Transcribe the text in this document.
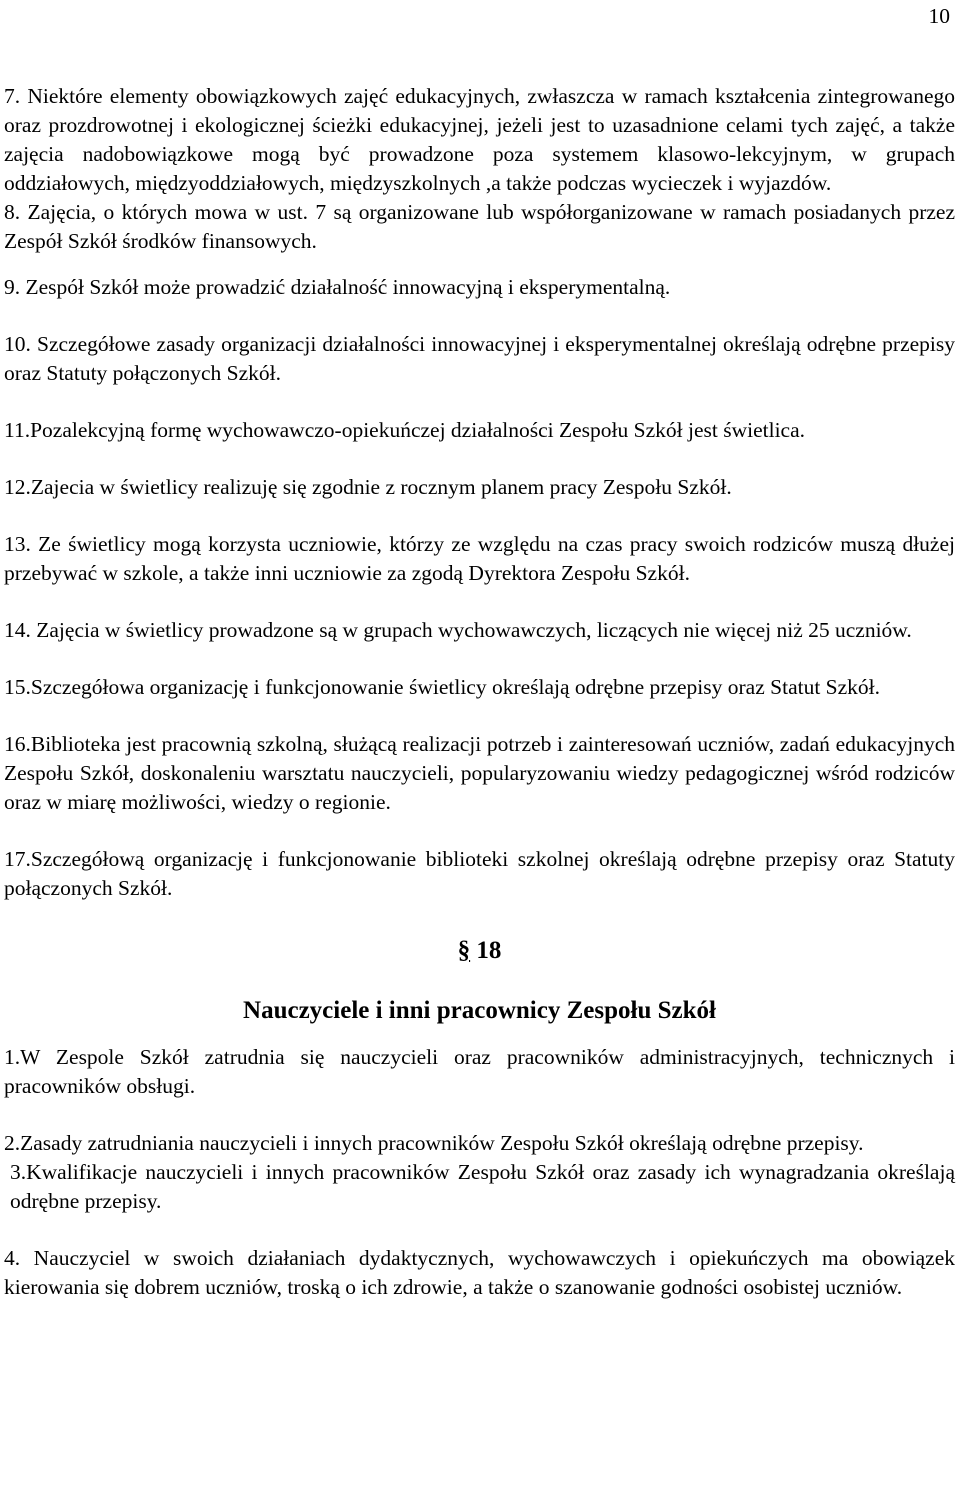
10

7. Niektóre elementy obowiązkowych zajęć edukacyjnych, zwłaszcza w ramach kształcenia zintegrowanego oraz prozdrowotnej i ekologicznej ścieżki edukacyjnej, jeżeli jest to uzasadnione celami tych zajęć, a także zajęcia nadobowiązkowe mogą być prowadzone poza systemem klasowo-lekcyjnym, w grupach oddziałowych, międzyoddziałowych, międzyszkolnych ,a także podczas wycieczek i wyjazdów.

8. Zajęcia, o których mowa w ust. 7 są organizowane lub współorganizowane w ramach posiadanych przez Zespół Szkół środków finansowych.

9. Zespół Szkół może prowadzić działalność innowacyjną i eksperymentalną.

10. Szczegółowe zasady organizacji działalności innowacyjnej i eksperymentalnej określają odrębne przepisy oraz Statuty połączonych Szkół.

11.Pozalekcyjną formę wychowawczo-opiekuńczej działalności Zespołu Szkół jest świetlica.

12.Zajecia w świetlicy realizuję się zgodnie z rocznym planem pracy Zespołu Szkół.

13. Ze świetlicy mogą korzysta uczniowie, którzy ze względu na czas pracy swoich rodziców muszą dłużej przebywać w szkole, a także inni uczniowie za zgodą Dyrektora Zespołu Szkół.

14. Zajęcia w świetlicy prowadzone są w grupach wychowawczych, liczących nie więcej niż 25 uczniów.

15.Szczegółowa organizację i funkcjonowanie świetlicy określają odrębne przepisy oraz Statut Szkół.

16.Biblioteka jest pracownią szkolną, służącą realizacji potrzeb i zainteresowań uczniów, zadań edukacyjnych Zespołu Szkół, doskonaleniu warsztatu nauczycieli, popularyzowaniu wiedzy pedagogicznej wśród rodziców oraz w miarę możliwości, wiedzy o regionie.

17.Szczegółową organizację i funkcjonowanie biblioteki szkolnej określają odrębne przepisy oraz Statuty połączonych Szkół.

§ 18
Nauczyciele i inni pracownicy Zespołu Szkół

1.W Zespole Szkół zatrudnia się nauczycieli oraz pracowników administracyjnych, technicznych i pracowników obsługi.

2.Zasady zatrudniania nauczycieli i innych pracowników Zespołu Szkół określają odrębne przepisy.

3.Kwalifikacje nauczycieli i innych pracowników Zespołu Szkół oraz zasady ich wynagradzania określają odrębne przepisy.

4. Nauczyciel w swoich działaniach dydaktycznych, wychowawczych i opiekuńczych ma obowiązek kierowania się dobrem uczniów, troską o ich zdrowie, a także o szanowanie godności osobistej uczniów.
